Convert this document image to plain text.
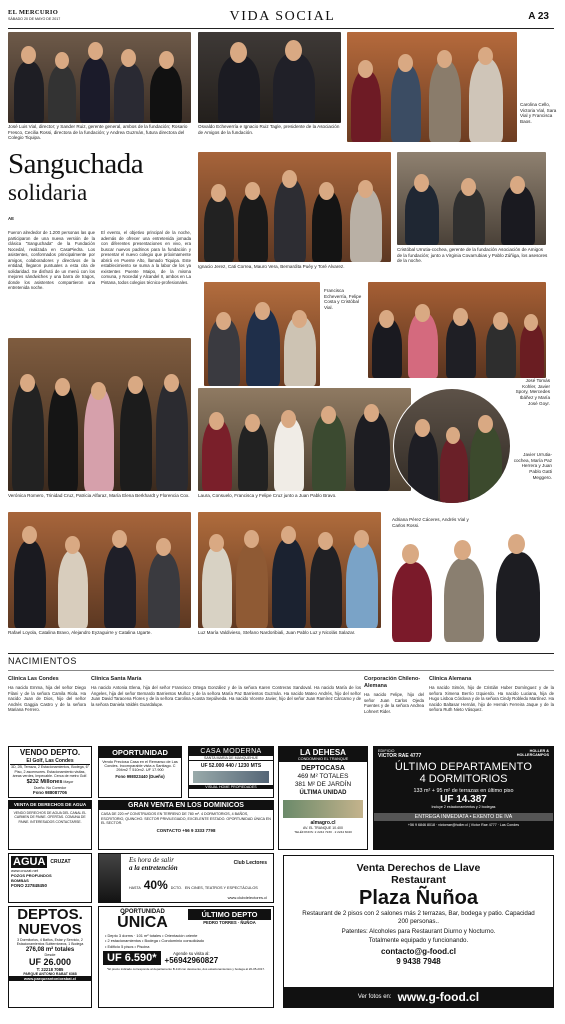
EL MERCURIO
SÁBADO 20 DE MAYO DE 2017	VIDA SOCIAL	A 23
José Luis Vial, director; y Sander Ruiz, gerente general, ambos de la fundación; Rosario Fresco, Cecilia Rossi, directora de la fundación; y Andrea Guzmán, futura directora del Colegio Tiquipa.
Osvaldo Echeverría e Ignacio Ruiz Tagle, presidente de la Asociación de Amigos de la fundación.
Carolina Cello, Victoria Vial, Sara Vial y Francisca Baos.
Sanguchada
solidaria
AE
Fueron alrededor de 1.200 personas las que participaron de una nueva versión de la clásica "Sanguchada" de la Fundación Nocedal, realizada en CasaPiedra. Los asistentes, conformados principalmente por amigos, colaboradores y directivos de la entidad, llegaron puntuales a esta cita de solidaridad. Se disfrutó de un menú con los mejores sándwiches y una barra de tragos, donde los asistentes compartieron una entretenida noche.
El evento, el objetivo principal de la noche, además de ofrecer una entretenida jornada con diferentes presentaciones en vivo, era buscar nuevos padrinos para la fundación y presentar el nuevo colegio que próximamente abrirá en Puente Alto, llamado Tiquipa. Este establecimiento se suma a la labor de los ya existentes Puente Maipo, de la misma comuna, y Nocedal y Alcandel II, ambos en La Pintana, todos colegios técnico-profesionales.
Ignacio Jerez, Cati Correa, Mauro Vera, Bernardita Puéy y Toré Alvarez.
Cristóbal Urrutia-cochea, gerente de la fundación Asociación de Amigos de la fundación; junto a Virginia Covarrubias y Pablo Zúñiga, los asesores de la noche.
Francisca Echeverría, Felipe Costa y Cristóbal Vial.
José Tomás Kohler, Javier Spory, Mercedes Ibáñez y María José Goyr.
Verónica Romero, Trinidad Cruz, Patricia Alfaraz, María Elena Berkhardt y Florencia Cox.	Laura, Consuelo, Francisca y Felipe Cruz junto a Juan Pablo Bravo.
Javier Urrutia-cochea, María Paz Herrera y Juan Pablo Gatti Meggero.
Rafael Loyola, Catalina Bravo, Alejandro Eyzaguirre y Catalina Ugarte.	Luz María Valdivieso, Stefano Nardoribiali, Juan Pablo Luz y Nicolás Salazar.
Adriana Pérez Cáceres, Andrés Vial y Carlos Rossi.
NACIMIENTOS
Clínica Las Condes
Ha nacido Emma, hija del señor Diego Filani y de la señora Camila Riola. Ha nacido Juan de Dios, hijo del señor Andrés Gaggia Castro y de la señora Mariana Ferrero.
Clínica Santa María
Ha nacido Antonia Elena, hija del señor Francisco Ortega González y de la señora Karen Contreras Sandoval. Ha nacido María de los Ángeles, hija del señor Bernardo Barrientos Muñoz y de la señora María Paz Barrientos Guzmán. Ha nacido Mateo Andrés, hijo del señor Juan David Taracena Flores y de la señora Carolina Acosta Sepúlveda. Ha nacido Vicente Javier, hijo del señor Juan Ramírez Cárcamo y de la señora Daniela Valdés Guardalupe.
Corporación Chileno-Alemana
Ha nacido Felipe, hijo del señor Juan Carlos Ojeda Fuentes y de la señora Andrea Lohnert Rider.
Clínica Alemana
Ha nacido Simón, hijo de Cristián Huber Domínguez y de la señora Ximena Berrío Izquierdo. Ha nacido Luciana, hija de Hugo Lisboa Córdova y de la señora Cindy Robledo Martínez. Ha nacido Baltasar Hernán, hijo de Hernán Ferreira Jaque y de la señora Ruth Nieto Vásquez.
VENDO DEPTO.
El Golf, Las Condes
3D, 2B, Terraza, 2 Estacionamientos, Bodega, 6° Piso, 2 ascensores. Estacionamiento visitas, áreas verdes, Impecable. Cerca de metro Golf.
$232 Millones Mayor
Dueño. No Corredor
Fono 988087706
VENTA DE DERECHOS DE AGUA
VENDO DERECHOS DE AGUA DEL CANAL EL CARMEN DE PAINE. OFERTAS. COMUNA DE PAINE. INTERESADOS CONTACTARSE.
AGUA	CRUZAT
www.cruzat.net
POZOS PROFUNDOS
BOMBAS
FONO 227848450
DEPTOS.
NUEVOS
3 Dormitorios, 4 Baños, Estar y Servicio, 2 Estacionamientos Subterráneos, 1 Bodega
276,08 m² totales
Desde
UF 26.000
T: 22218 7085
PARQUE ANTONIO RABAT 6368
www.parqueantoniorabat.cl
OPORTUNIDAD
Vendo Preciosa Casa en el Remanso de Las Condes. Incomparable vista a Santiago. C 294m2 T 510m2. UF 17.900
Fono 998023440 (Dueño)
CASA MODERNA
SANTA MARÍA DE MANQUEHUE
UF 52.000 440 / 1230 MTS
VISUAL HOME PROPIEDADES
GRAN VENTA EN LOS DOMINICOS
CASA DE 220 m² CONSTRUIDOS EN TERRENO DE 780 m². 4 DORMITORIOS, 4 BAÑOS, ESCRITORIO, QUINCHO. SECTOR PRIVILEGIADO, EXCELENTE ESTADO. OPORTUNIDAD ÚNICA EN EL SECTOR.
CONTACTO +56 9 3333 7798
Es hora de salir
a la entretención
Club Lectores
HASTA 40% DCTO. EN CINES, TEATROS Y ESPECTÁCULOS
www.clubdelectores.cl
OPORTUNIDAD
ÚNICA	ÚLTIMO DEPTO
PEDRO TORRES · ÑUÑOA
• Depto 3 dorms · 101 m² totales • Orientación oriente
• 2 estacionamientos • Bodega • Condominio consolidado
• Edificio 5 pisos • Piscina
UF 6.590*	Agende su visita al:
+56942960827
*El precio indicado corresponde al departamento B-110 con descuento, dos estacionamientos y bodega al 20-05-2017.
LA DEHESA
CONDOMINIO EL TRANQUE
DEPTOCASA
469 M² TOTALES
381 M² DE JARDÍN
ÚLTIMA UNIDAD
almagro.cl
AV. EL TRANQUE 10.400
TELÉFONOS: 2 2244 7230 · 2 2244 6040
EDIFICIO
VICTOR RAE 4777
HOLLER & HOLLERCAMPOS
ÚLTIMO DEPARTAMENTO
4 DORMITORIOS
133 m² + 95 m² de terrazas en último piso
UF 14.387
Incluye 2 estacionamientos y 2 bodegas
ENTREGA INMEDIATA • EXENTO DE IVA
+56 9 6846 8018 · victorrae@holler.cl | Víctor Rae 4777 · Las Condes
Venta Derechos de Llave
Restaurant
Plaza Ñuñoa
Restaurant de 2 pisos con 2 salones más 2 terrazas, Bar, bodega y patio. Capacidad 200 personas..
Patentes: Alcoholes para Restaurant Diurno y Nocturno.
Totalmente equipado y funcionando.
contacto@g-food.cl
9 9438 7948
Ver fotos en: www.g-food.cl
